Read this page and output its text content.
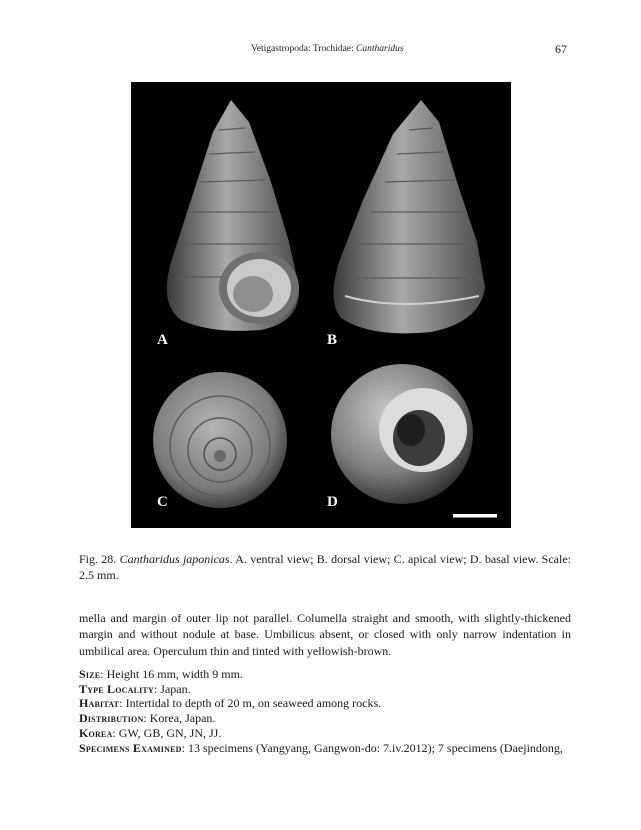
Vetigastropoda: Trochidae: Cantharidus	67
A	B
C	D
Fig. 28. Cantharidus japonicas. A. ventral view; B. dorsal view; C. apical view; D. basal view. Scale: 2.5 mm.
mella and margin of outer lip not parallel. Columella straight and smooth, with slightly-thickened margin and without nodule at base. Umbilicus absent, or closed with only narrow indentation in umbilical area. Operculum thin and tinted with yellowish-brown.
Size: Height 16 mm, width 9 mm.
Type Locality: Japan.
Habitat: Intertidal to depth of 20 m, on seaweed among rocks.
Distribution: Korea, Japan.
Korea: GW, GB, GN, JN, JJ.
Specimens Examined: 13 specimens (Yangyang, Gangwon-do: 7.iv.2012); 7 specimens (Daejindong,
